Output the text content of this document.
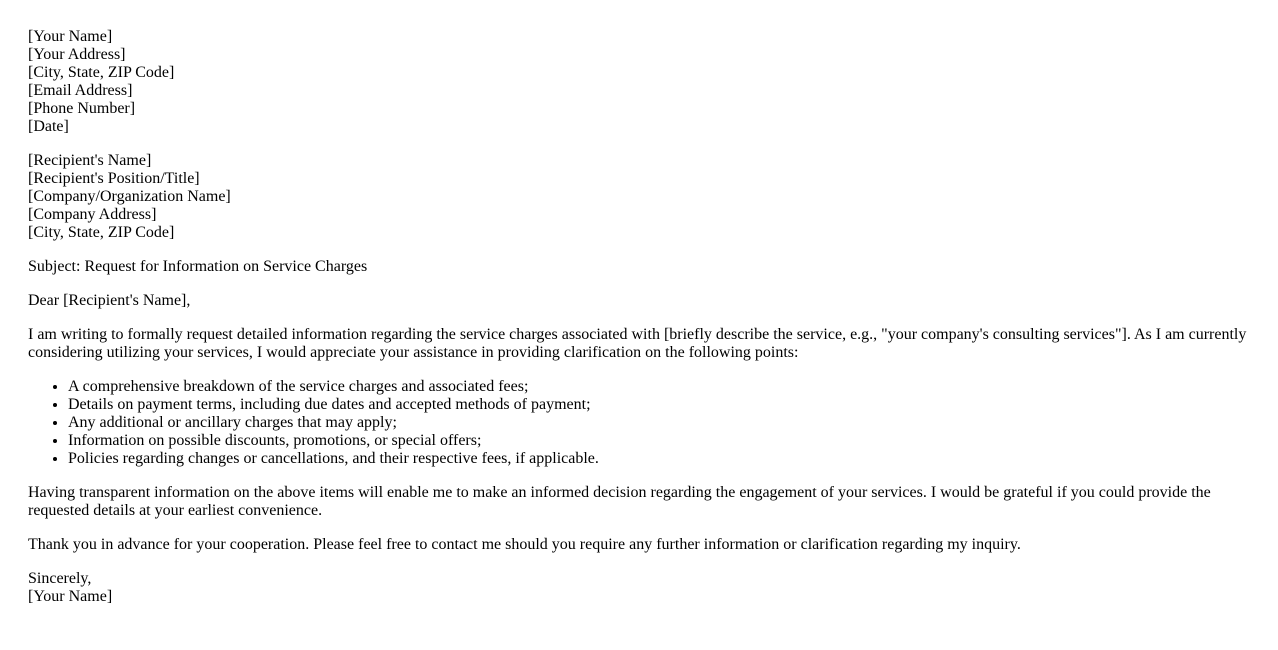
[Your Name]
[Your Address]
[City, State, ZIP Code]
[Email Address]
[Phone Number]
[Date]
[Recipient's Name]
[Recipient's Position/Title]
[Company/Organization Name]
[Company Address]
[City, State, ZIP Code]

Subject: Request for Information on Service Charges

Dear [Recipient's Name],

I am writing to formally request detailed information regarding the service charges associated with [briefly describe the service, e.g., "your company's consulting services"]. As I am currently considering utilizing your services, I would appreciate your assistance in providing clarification on the following points:

• A comprehensive breakdown of the service charges and associated fees;
• Details on payment terms, including due dates and accepted methods of payment;
• Any additional or ancillary charges that may apply;
• Information on possible discounts, promotions, or special offers;
• Policies regarding changes or cancellations, and their respective fees, if applicable.

Having transparent information on the above items will enable me to make an informed decision regarding the engagement of your services. I would be grateful if you could provide the requested details at your earliest convenience.

Thank you in advance for your cooperation. Please feel free to contact me should you require any further information or clarification regarding my inquiry.

Sincerely,
[Your Name]
